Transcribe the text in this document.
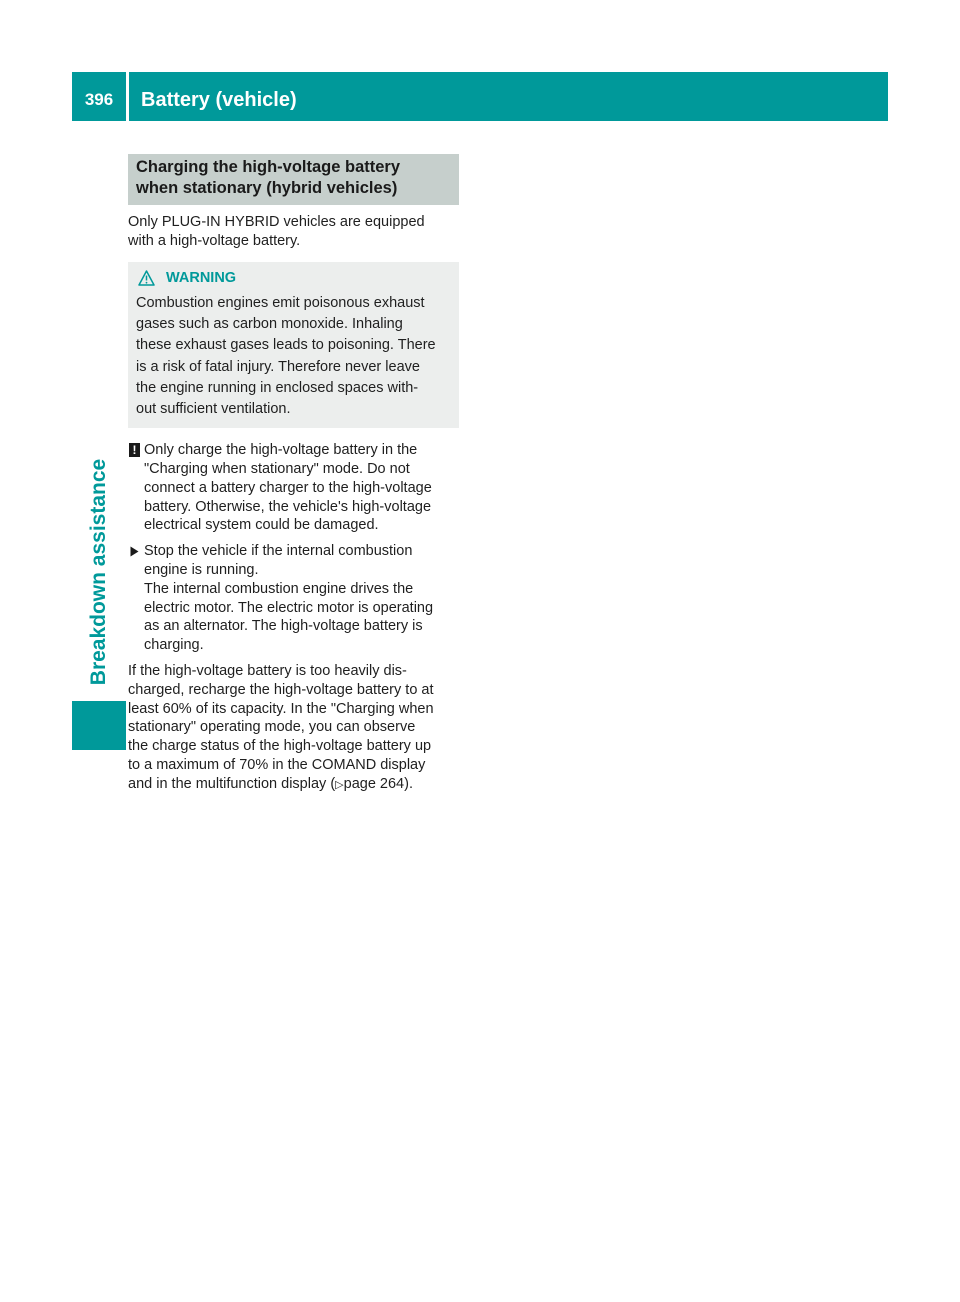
396	Battery (vehicle)
Breakdown assistance
Charging the high-voltage battery
when stationary (hybrid vehicles)
Only PLUG-IN HYBRID vehicles are equipped
with a high-voltage battery.
WARNING
Combustion engines emit poisonous exhaust
gases such as carbon monoxide. Inhaling
these exhaust gases leads to poisoning. There
is a risk of fatal injury. Therefore never leave
the engine running in enclosed spaces with-
out sufficient ventilation.
! Only charge the high-voltage battery in the
"Charging when stationary" mode. Do not
connect a battery charger to the high-voltage
battery. Otherwise, the vehicle's high-voltage
electrical system could be damaged.
Stop the vehicle if the internal combustion
engine is running.
The internal combustion engine drives the
electric motor. The electric motor is operating
as an alternator. The high-voltage battery is
charging.
If the high-voltage battery is too heavily dis-
charged, recharge the high-voltage battery to at
least 60% of its capacity. In the "Charging when
stationary" operating mode, you can observe
the charge status of the high-voltage battery up
to a maximum of 70% in the COMAND display
and in the multifunction display (▷page 264).
